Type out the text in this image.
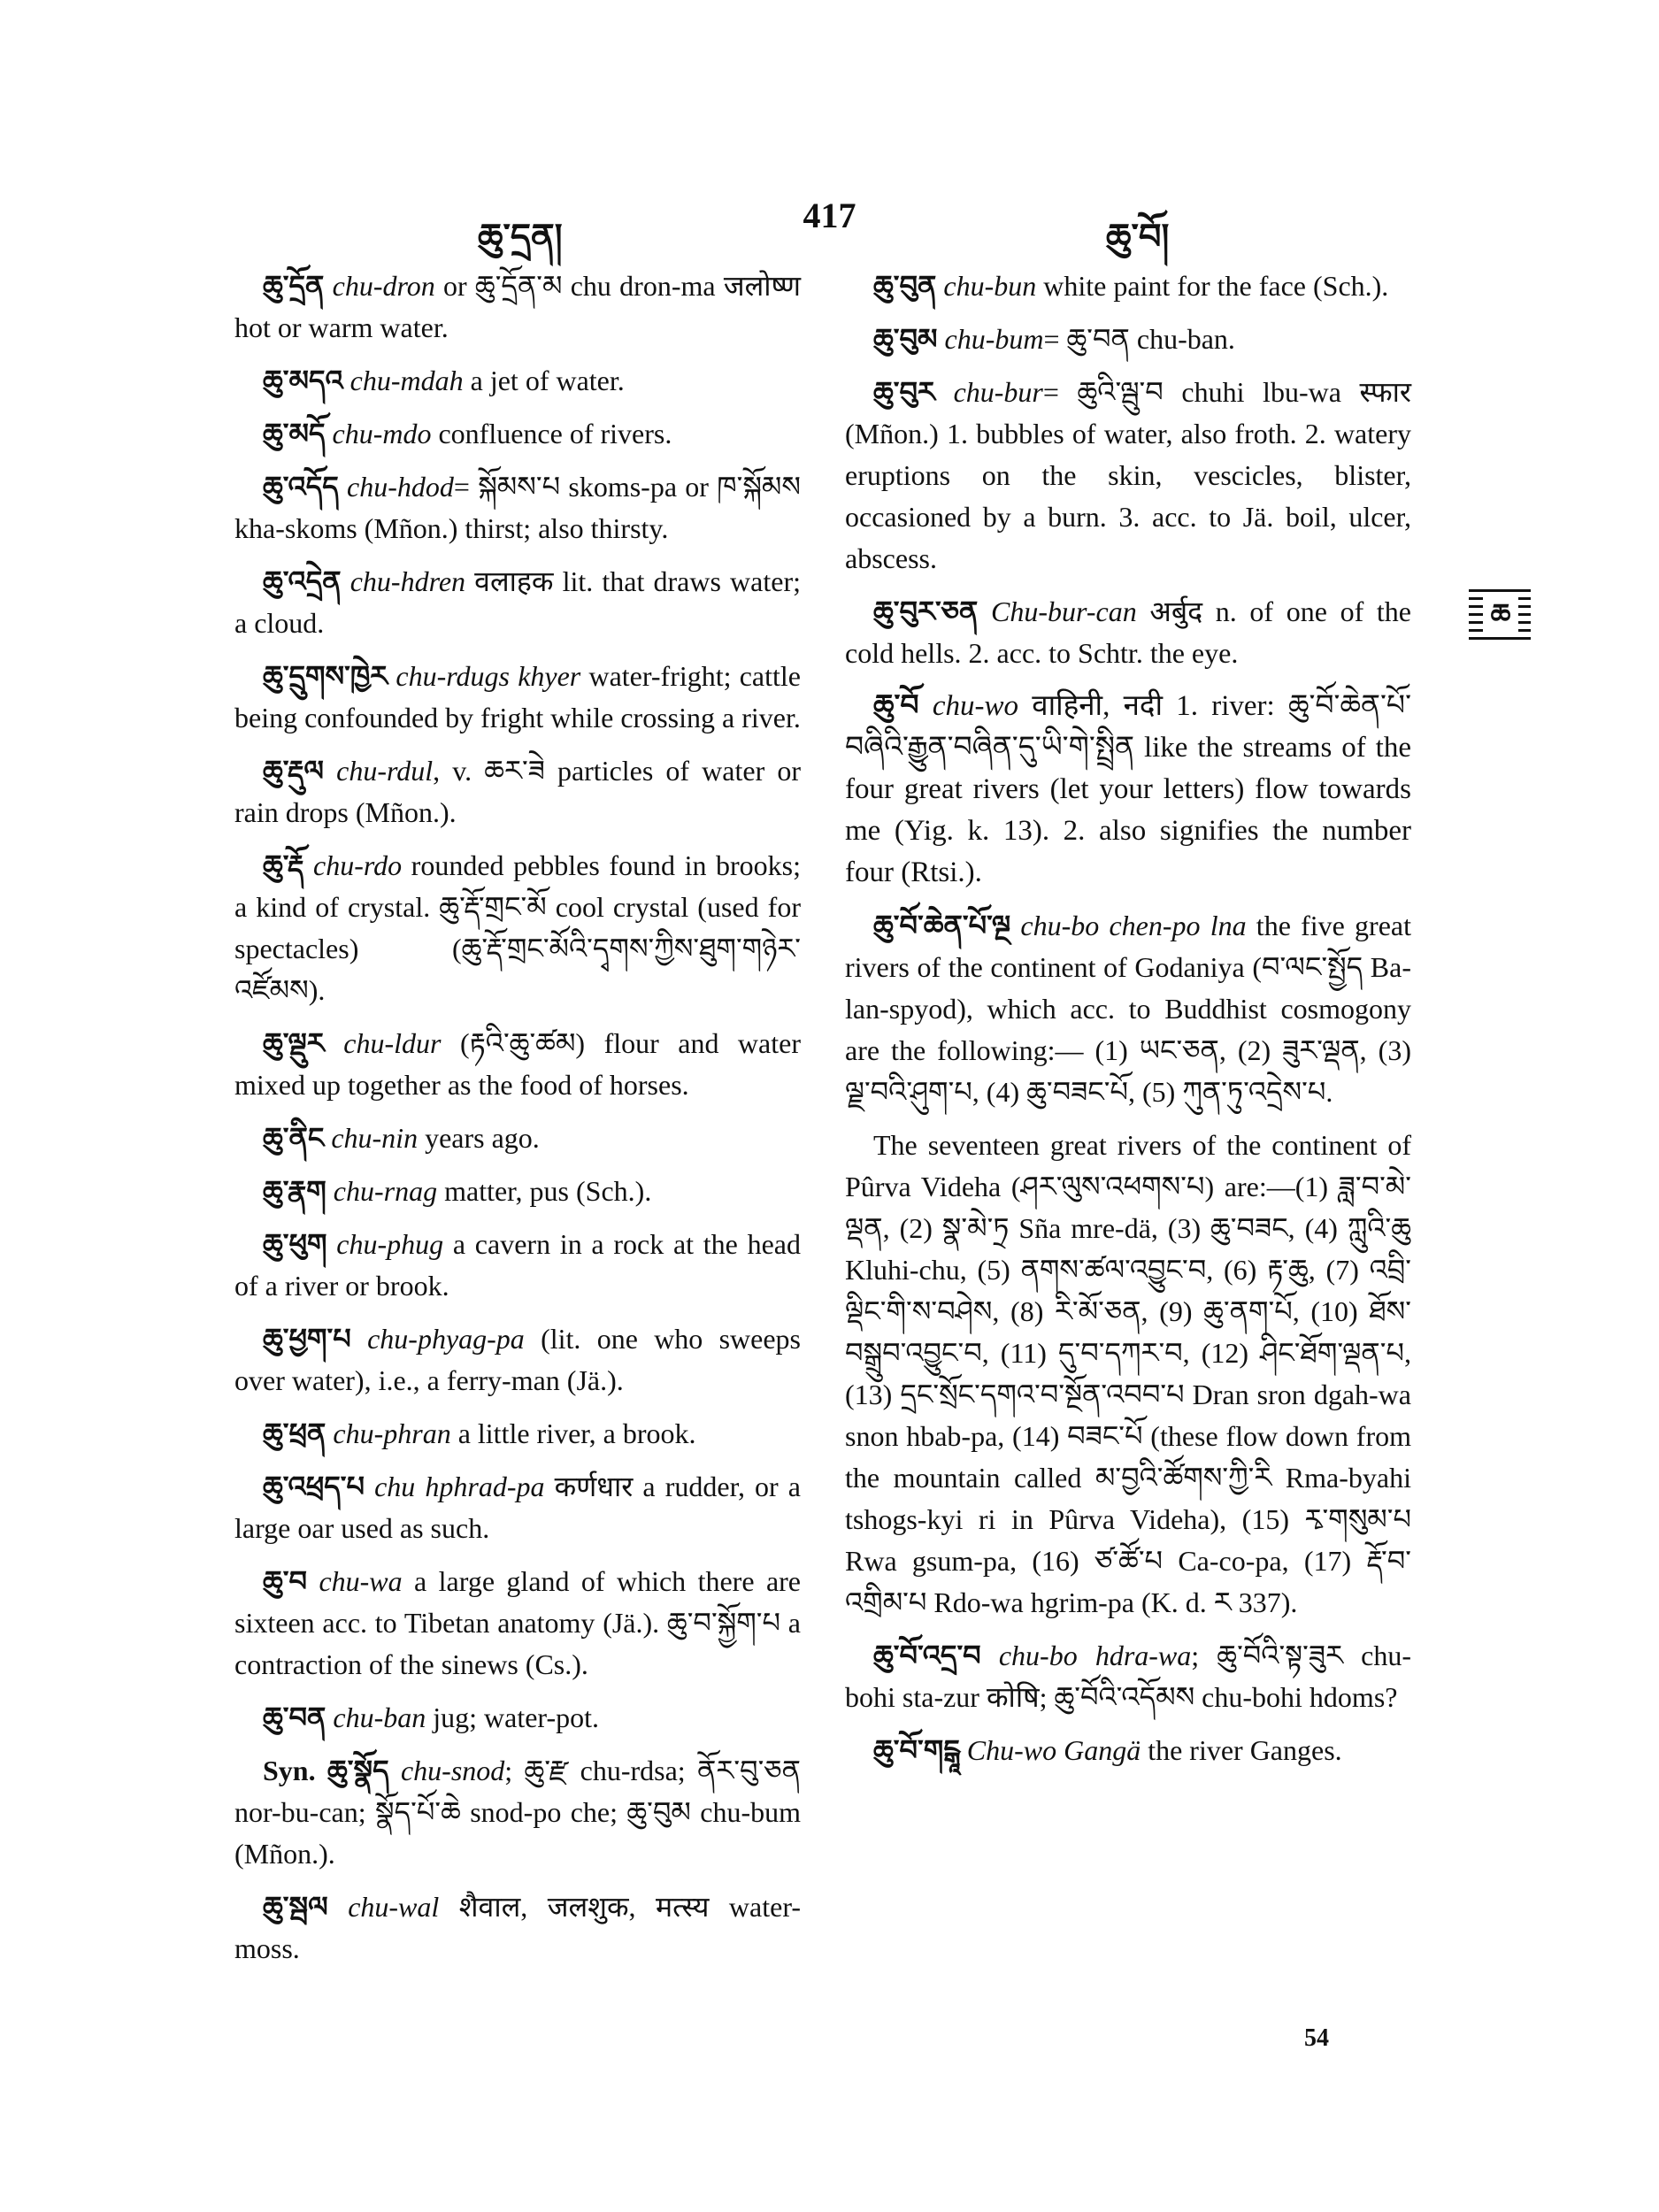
ཆུ་དྲན།
417
ཆུ་བོ།

ཆུ་དྲོན chu-dron or ཆུ་དྲོན་མ chu dron-ma जलोष्ण hot or warm water.

ཆུ་མདའ chu-mdah a jet of water.

ཆུ་མདོ chu-mdo confluence of rivers.

ཆུ་འདོད chu-hdod= སྐོམས་པ skoms-pa or ཁ་སྐོམས kha-skoms (Mñon.) thirst; also thirsty.

ཆུ་འདྲེན chu-hdren वलाहक lit. that draws water; a cloud.

ཆུ་དྲུགས་ཁྱེར chu-rdugs khyer water-fright; cattle being confounded by fright while crossing a river.

ཆུ་རྡུལ chu-rdul, v. ཆར་ཟེ particles of water or rain drops (Mñon.).

ཆུ་རྡོ chu-rdo rounded pebbles found in brooks; a kind of crystal. ཆུ་རྡོ་གྲང་མོ cool crystal (used for spectacles) (ཆུ་རྡོ་གྲང་མོའི་དྭགས་ཀྱིས་ཐུག་གཉེར་འཛོམས).

ཆུ་ལྡུར chu-ldur (རྟའི་ཆུ་ཚམ) flour and water mixed up together as the food of horses.

ཆུ་ནིང chu-nin years ago.

ཆུ་རྣག chu-rnag matter, pus (Sch.).

ཆུ་ཕུག chu-phug a cavern in a rock at the head of a river or brook.

ཆུ་ཕྱག་པ chu-phyag-pa (lit. one who sweeps over water), i.e., a ferry-man (Jä.).

ཆུ་ཕྲན chu-phran a little river, a brook.

ཆུ་འཕྲད་པ chu hphrad-pa कर्णधार a rudder, or a large oar used as such.

ཆུ་བ chu-wa a large gland of which there are sixteen acc. to Tibetan anatomy (Jä.). ཆུ་བ་སྐྱོག་པ a contraction of the sinews (Cs.).

ཆུ་བན chu-ban jug; water-pot.

Syn. ཆུ་སྣོད chu-snod; ཆུ་རྫ chu-rdsa; ནོར་བུ་ཅན nor-bu-can; སྣོད་པོ་ཆེ snod-po che; ཆུ་བུམ chu-bum (Mñon.).

ཆུ་སྦལ chu-wal शैवाल, जलशुक, मत्स्य water-moss.

ཆུ་བུན chu-bun white paint for the face (Sch.).

ཆུ་བུམ chu-bum= ཆུ་བན chu-ban.

ཆུ་བུར chu-bur= ཆུའི་ལྦུ་བ chuhi lbu-wa स्फार (Mñon.) 1. bubbles of water, also froth. 2. watery eruptions on the skin, vescicles, blister, occasioned by a burn. 3. acc. to Jä. boil, ulcer, abscess.

ཆུ་བུར་ཅན Chu-bur-can अर्बुद n. of one of the cold hells. 2. acc. to Schtr. the eye.

ཆུ་བོ chu-wo वाहिनी, नदी 1. river: ཆུ་བོ་ཆེན་པོ་བཞིའི་རྒྱུན་བཞིན་དུ་ཡི་གེ་སྤྲིན like the streams of the four great rivers (let your letters) flow towards me (Yig. k. 13). 2. also signifies the number four (Rtsi.).

ཆུ་བོ་ཆེན་པོ་ལྔ chu-bo chen-po lna the five great rivers of the continent of Godaniya (བ་ལང་སྤྱོད Ba-lan-spyod), which acc. to Buddhist cosmogony are the following:— (1) ཡང་ཅན, (2) ཟུར་ལྡན, (3) ལྗ་བའི་ཤུག་པ, (4) ཆུ་བཟང་པོ, (5) ཀུན་ཏུ་འདྲེས་པ.

The seventeen great rivers of the continent of Pûrva Videha (ཤར་ལུས་འཕགས་པ) are:—(1) ཟླ་བ་མེ་ལྡན, (2) སྣ་མེ་ཏྲ Sña mre-dä, (3) ཆུ་བཟང, (4) ཀླུའི་ཆུ Kluhi-chu, (5) ནགས་ཚལ་འབྱུང་བ, (6) རྟ་ཆུ, (7) འབྲི་ལྡིང་གི་ས་བཤེས, (8) རི་མོ་ཅན, (9) ཆུ་ནག་པོ, (10) ཐོས་བསྒྲུབ་འབྱུང་བ, (11) དུ་བ་དཀར་བ, (12) ཤིང་ཐོག་ལྡན་པ, (13) དྲང་སྲོང་དགའ་བ་སྔོན་འབབ་པ Dran sron dgah-wa snon hbab-pa, (14) བཟང་པོ (these flow down from the mountain called མ་བྱའི་ཚོགས་ཀྱི་རི Rma-byahi tshogs-kyi ri in Pûrva Videha), (15) རྭ་གསུམ་པ Rwa gsum-pa, (16) ཙ་ཚོ་པ Ca-co-pa, (17) རྡོ་བ་འགྲིམ་པ Rdo-wa hgrim-pa (K. d. ར 337).

ཆུ་བོ་འདྲ་བ chu-bo hdra-wa; ཆུ་བོའི་སྟ་ཟུར chu-bohi sta-zur कोषि; ཆུ་བོའི་འདོམས chu-bohi hdoms?

ཆུ་བོ་གངྒཱ Chu-wo Gangä the river Ganges.

ཆ
54
